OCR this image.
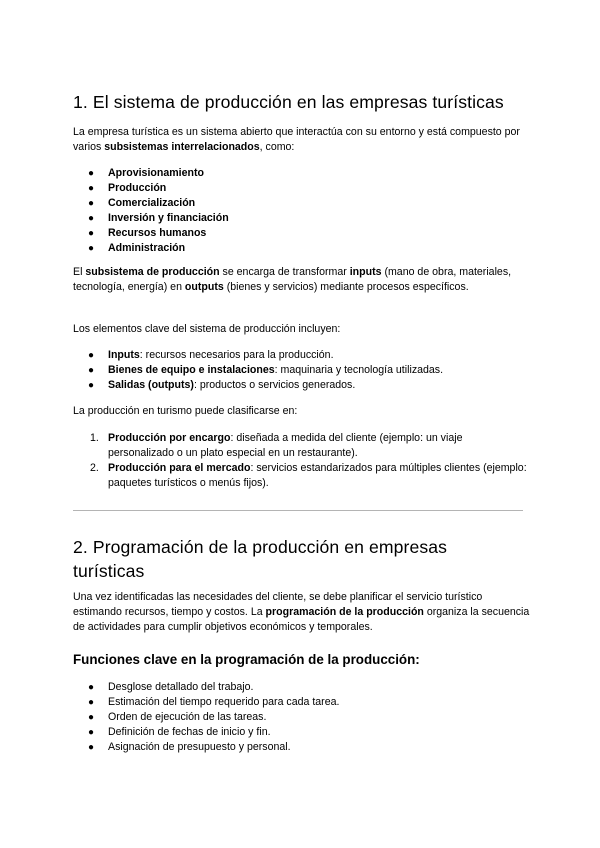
1. El sistema de producción en las empresas turísticas

La empresa turística es un sistema abierto que interactúa con su entorno y está compuesto por varios subsistemas interrelacionados, como:

● Aprovisionamiento
● Producción
● Comercialización
● Inversión y financiación
● Recursos humanos
● Administración

El subsistema de producción se encarga de transformar inputs (mano de obra, materiales, tecnología, energía) en outputs (bienes y servicios) mediante procesos específicos.

Los elementos clave del sistema de producción incluyen:

● Inputs: recursos necesarios para la producción.
● Bienes de equipo e instalaciones: maquinaria y tecnología utilizadas.
● Salidas (outputs): productos o servicios generados.

La producción en turismo puede clasificarse en:

1. Producción por encargo: diseñada a medida del cliente (ejemplo: un viaje personalizado o un plato especial en un restaurante).
2. Producción para el mercado: servicios estandarizados para múltiples clientes (ejemplo: paquetes turísticos o menús fijos).
2. Programación de la producción en empresas turísticas

Una vez identificadas las necesidades del cliente, se debe planificar el servicio turístico estimando recursos, tiempo y costos. La programación de la producción organiza la secuencia de actividades para cumplir objetivos económicos y temporales.

Funciones clave en la programación de la producción:
● Desglose detallado del trabajo.
● Estimación del tiempo requerido para cada tarea.
● Orden de ejecución de las tareas.
● Definición de fechas de inicio y fin.
● Asignación de presupuesto y personal.
